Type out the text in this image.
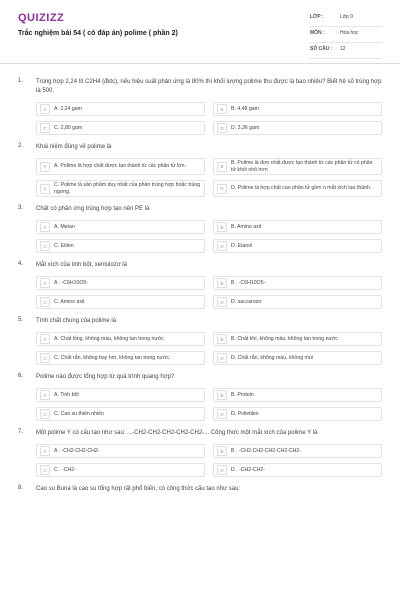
QUIZIZZ
Trắc nghiệm bài 54 ( có đáp án) polime ( phần 2)
LỚP :	Lớp 9
MÔN :	Hóa học
SỐ CÂU :	12
1.	Trùng hợp 2,24 lít C2H4 (đktc), nếu hiệu suất phản ứng là 80% thì khối lượng polime thu được là bao nhiêu? Biết hệ số trùng hợp là 500.
A	A. 2,24 gam	B	B. 4,48 gam
C	C. 2,80 gam	D	D. 3,36 gam
2.	Khái niệm đúng về polime là
A	A. Polime là hợp chất được tạo thành từ các phân tử lớn.	B
B. Polime là đơn chất được tạo thành từ các phân tử có phân tử khối nhỏ hơn
C
C. Polime là sản phẩm duy nhất của phản trùng hợp hoặc trùng ngưng.	D	D. Polime là hợp chất cao phân tử gồm n mắt xích tạo thành.
3.	Chất có phản ứng trùng hợp tạo nên PE là
A	A. Metan	B	B. Amino axit
C	C. Etilen	D	D. Etanol
4.	Mắt xích của tinh bột, xenlulozơ là
A	A . -C6H10O5-	B	B . -C6H10O5-
C	C. Amino axit	D	D. saccarozơ
5.	Tính chất chung của polime là
A	A. Chất lỏng, không màu, không tan trong nước	B	B. Chất khí, không màu, không tan trong nước
C	C. Chất rắn, không bay hơi, không tan trong nước.	D	D. Chất rắn, không màu, không mùi
6.	Polime nào được tổng hợp từ quá trình quang hợp?
A	A. Tinh bột	B	B. Protein
C	C. Cao su thiên nhiên	D	D. Polietilen
7.	Một polime Y có cấu tạo như sau: ...-CH2-CH2-CH2-CH2-CH2-... Công thức một mắt xích của polime Y là
A	A . -CH2-CH2-CH2-	B	B . -CH2-CH2-CH2-CH2-CH2-
C	C . -CH2-	D	D . -CH2-CH2-
8.	Cao su Buna là cao su tổng hợp rất phổ biến, có công thức cấu tạo như sau:
